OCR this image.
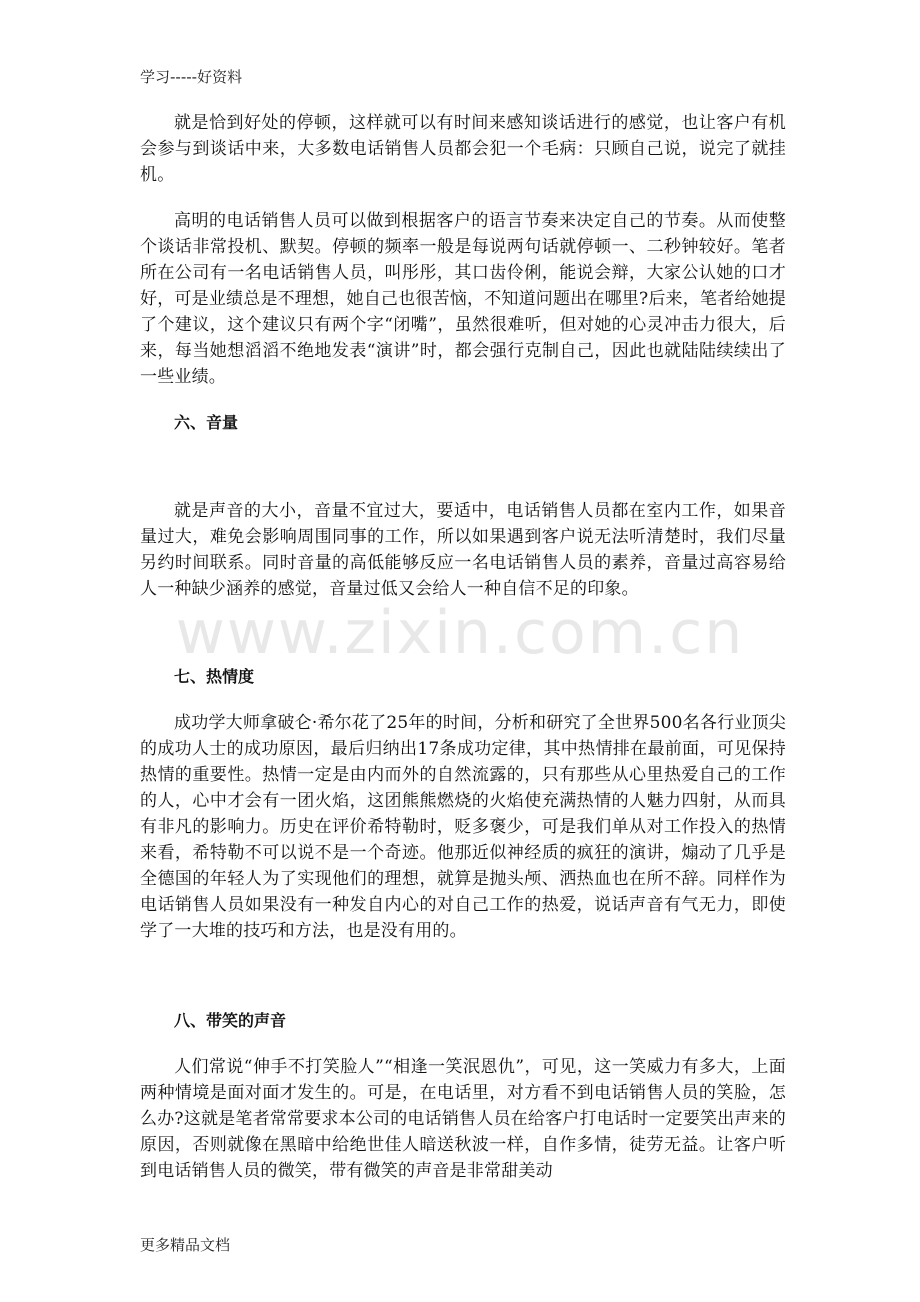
学习-----好资料
www.zixin.com.cn

就是恰到好处的停顿，这样就可以有时间来感知谈话进行的感觉，也让客户有机会参与到谈话中来，大多数电话销售人员都会犯一个毛病：只顾自己说，说完了就挂机。

高明的电话销售人员可以做到根据客户的语言节奏来决定自己的节奏。从而使整个谈话非常投机、默契。停顿的频率一般是每说两句话就停顿一、二秒钟较好。笔者所在公司有一名电话销售人员，叫彤彤，其口齿伶俐，能说会辩，大家公认她的口才好，可是业绩总是不理想，她自己也很苦恼，不知道问题出在哪里?后来，笔者给她提了个建议，这个建议只有两个字“闭嘴”，虽然很难听，但对她的心灵冲击力很大，后来，每当她想滔滔不绝地发表“演讲”时，都会强行克制自己，因此也就陆陆续续出了一些业绩。

六、音量

就是声音的大小，音量不宜过大，要适中，电话销售人员都在室内工作，如果音量过大，难免会影响周围同事的工作，所以如果遇到客户说无法听清楚时，我们尽量另约时间联系。同时音量的高低能够反应一名电话销售人员的素养，音量过高容易给人一种缺少涵养的感觉，音量过低又会给人一种自信不足的印象。

七、热情度

成功学大师拿破仑·希尔花了25年的时间，分析和研究了全世界500名各行业顶尖的成功人士的成功原因，最后归纳出17条成功定律，其中热情排在最前面，可见保持热情的重要性。热情一定是由内而外的自然流露的，只有那些从心里热爱自己的工作的人，心中才会有一团火焰，这团熊熊燃烧的火焰使充满热情的人魅力四射，从而具有非凡的影响力。历史在评价希特勒时，贬多褒少，可是我们单从对工作投入的热情来看，希特勒不可以说不是一个奇迹。他那近似神经质的疯狂的演讲，煽动了几乎是全德国的年轻人为了实现他们的理想，就算是抛头颅、洒热血也在所不辞。同样作为电话销售人员如果没有一种发自内心的对自己工作的热爱，说话声音有气无力，即使学了一大堆的技巧和方法，也是没有用的。

八、带笑的声音

人们常说“伸手不打笑脸人”“相逢一笑泯恩仇”，可见，这一笑威力有多大，上面两种情境是面对面才发生的。可是，在电话里，对方看不到电话销售人员的笑脸，怎么办?这就是笔者常常要求本公司的电话销售人员在给客户打电话时一定要笑出声来的原因，否则就像在黑暗中给绝世佳人暗送秋波一样，自作多情，徒劳无益。让客户听到电话销售人员的微笑，带有微笑的声音是非常甜美动

更多精品文档
